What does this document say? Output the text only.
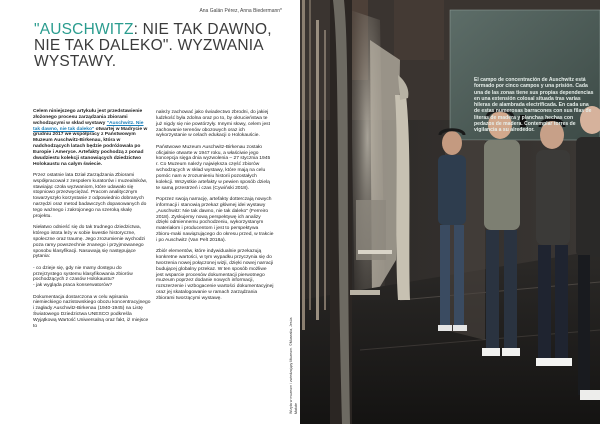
Ana Galán Pérez, Anna Biedermann*
"AUSCHWITZ: NIE TAK DAWNO, NIE TAK DALEKO". WYZWANIA WYSTAWY.

Celem niniejszego artykułu jest przedstawienie złożonego procesu zarządzania zbiorami wchodzącymi w skład wystawy "Auschwitz. Nie tak dawno, nie tak daleko" otwartej w Madrycie w grudniu 2017 we współpracy z Państwowym Muzeum Auschwitz-Birkenau, która w nadchodzących latach będzie podróżowała po Europie i Ameryce. Artefakty pochodzą z ponad dwudziestu kolekcji stanowiących dziedzictwo Holokaustu na całym świecie.

Przez ostatnie lata Dział Zarządzania Zbiorami współpracował z zespołem kuratorów i muzealników, stawiając czoła wyzwaniom, które udawało się stopniowo przezwyciężać. Pracom analitycznym towarzyszyło korzystanie z odpowiednio dobranych narzędzi oraz metod badawczych dopasowanych do tego ważnego i zakrojonego na szeroką skalę projektu.

Niełatwo odnieść się do tak trudnego dziedzictwa, którego istota leży w sobie kwestie historyczne, społeczne oraz traumę. Jego zrozumienie wychodzi poza ramy powszechnie znanego i przyjmowanego sposobu klasyfikacji. Nasuwają się następujące pytania:

- co dzieje się, gdy nie mamy dostępu do przejrzystego systemu klasyfikowania zbiorów pochodzących z czasów Holokaustu?

- jak wygląda praca konserwatorów?

Dokumentacja dostarczona w celu wpisania niemieckiego nazistowskiego obozu koncentracyjnego i zagłady Auschwitz-Birkenau (1940-1945) na Listę Światowego Dziedzictwa UNESCO podkreśla Wyjątkową Wartość Uniwersalną oraz fakt, iż miejsce to

należy zachować jako świadectwo zbrodni, do jakiej ludzkość była zdolna oraz po to, by okrucieństwa te już nigdy się nie powtórzyły. Innymi słowy, celem jest zachowanie terenów obozowych oraz ich wykorzystanie w celach edukacji o Holokauście.

Państwowe Muzeum Auschwitz-Birkenau zostało oficjalnie otwarte w 1947 roku, a właściwie jego koncepcja sięga dnia wyzwolenia – 27 stycznia 1945 r. Co Muzeum należy największa część zbiorów wchodzących w skład wystawy, które mają na celu pomóc nam w zrozumieniu historii pozostałych kolekcji. Wszystkie artefakty w pewien sposób dzielą te samą przestrzeń i czas (Cywiński 2018).

Poprzez swoją narrację, artefakty dotterczają nowych informacji i stanowią przekaz głównej idei wystawy „Auschwitz: Nie tak dawno, nie tak daleko" (Ferreiro 2018). Zyskujemy nową perspektywę ich analizy dzięki odmiennemu pochodzeniu, wykorzystanym materiałom i producentom i jest to perspektywa zbioru-maki nawiązującego do okresu przed, w trakcie i po Auschwitz (Van Pelt 2018a).

Zbiór elementów, które indywidualnie przekazują konkretne wartości, w tym wypadku przyczynia się do tworzenia nowej połączonej wizji, dzięki nowej narracji budującej globalny przekaz. W ten sposób możliwe jest wsparcie procesów dokumentacji pierwotnego muzeum poprzez dodanie nowych informacji, rozszerzenie i wzbogacenie wartości dokumentacyjnej oraz jej skatalogowanie w ramach zarządzania zbiorami tworzącymi wystawę.

Wizyta w muzeum i zwiedzający Muzeum. ©Musealia, Jesús Matute
El campo de concentración de Auschwitz está formado por cinco campos y una prisión. Cada una de las zonas tiene sus propias dependencias en una extensión colosal situada tras varias hileras de alambrada electrificada. En cada una de estas numerosas barracones con sus filas de literas de madera y planchas hechas con pedazos de madera. Contemplar torres de vigilancia a su alrededor.
